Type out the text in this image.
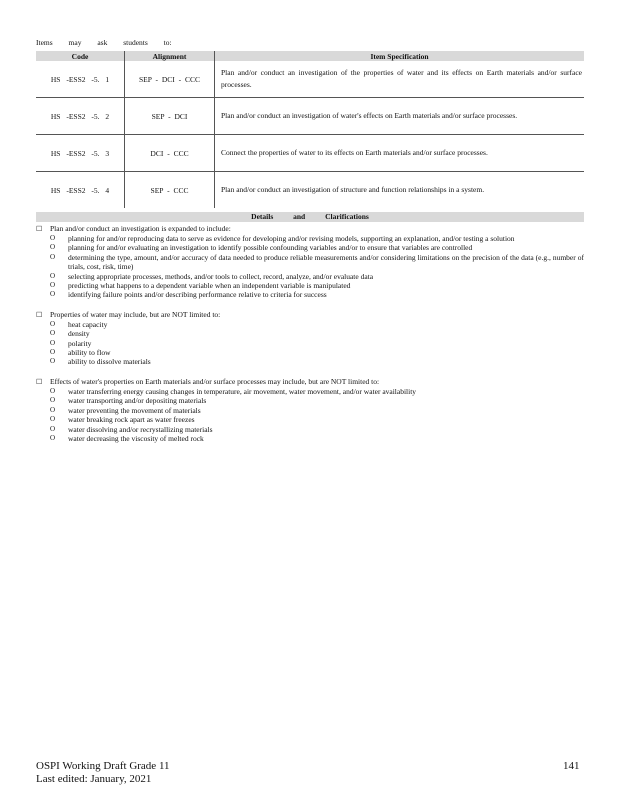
Items may ask students to:
Code	Alignment	Item Specification
HS -ESS2 -5. 1	SEP - DCI - CCC	Plan and/or conduct an investigation of the properties of water and its effects on Earth materials and/or surface processes.
HS -ESS2 -5. 2	SEP - DCI	Plan and/or conduct an investigation of water's effects on Earth materials and/or surface processes.
HS -ESS2 -5. 3	DCI - CCC	Connect the properties of water to its effects on Earth materials and/or surface processes.
HS -ESS2 -5. 4	SEP - CCC	Plan and/or conduct an investigation of structure and function relationships in a system.
Details and Clarifications
☐	Plan and/or conduct an investigation is expanded to include:
O	planning for and/or reproducing data to serve as evidence for developing and/or revising models, supporting an explanation, and/or testing a solution
O	planning for and/or evaluating an investigation to identify possible confounding variables and/or to ensure that variables are controlled
O	determining the type, amount, and/or accuracy of data needed to produce reliable measurements and/or considering limitations on the precision of the data (e.g., number of trials, cost, risk, time)
O	selecting appropriate processes, methods, and/or tools to collect, record, analyze, and/or evaluate data
O	predicting what happens to a dependent variable when an independent variable is manipulated
O	identifying failure points and/or describing performance relative to criteria for success
☐	Properties of water may include, but are NOT limited to:
O	heat capacity
O	density
O	polarity
O	ability to flow
O	ability to dissolve materials
☐	Effects of water's properties on Earth materials and/or surface processes may include, but are NOT limited to:
O	water transferring energy causing changes in temperature, air movement, water movement, and/or water availability
O	water transporting and/or depositing materials
O	water preventing the movement of materials
O	water breaking rock apart as water freezes
O	water dissolving and/or recrystallizing materials
O	water decreasing the viscosity of melted rock
OSPI Working Draft Grade 11
Last edited: January, 2021
141
